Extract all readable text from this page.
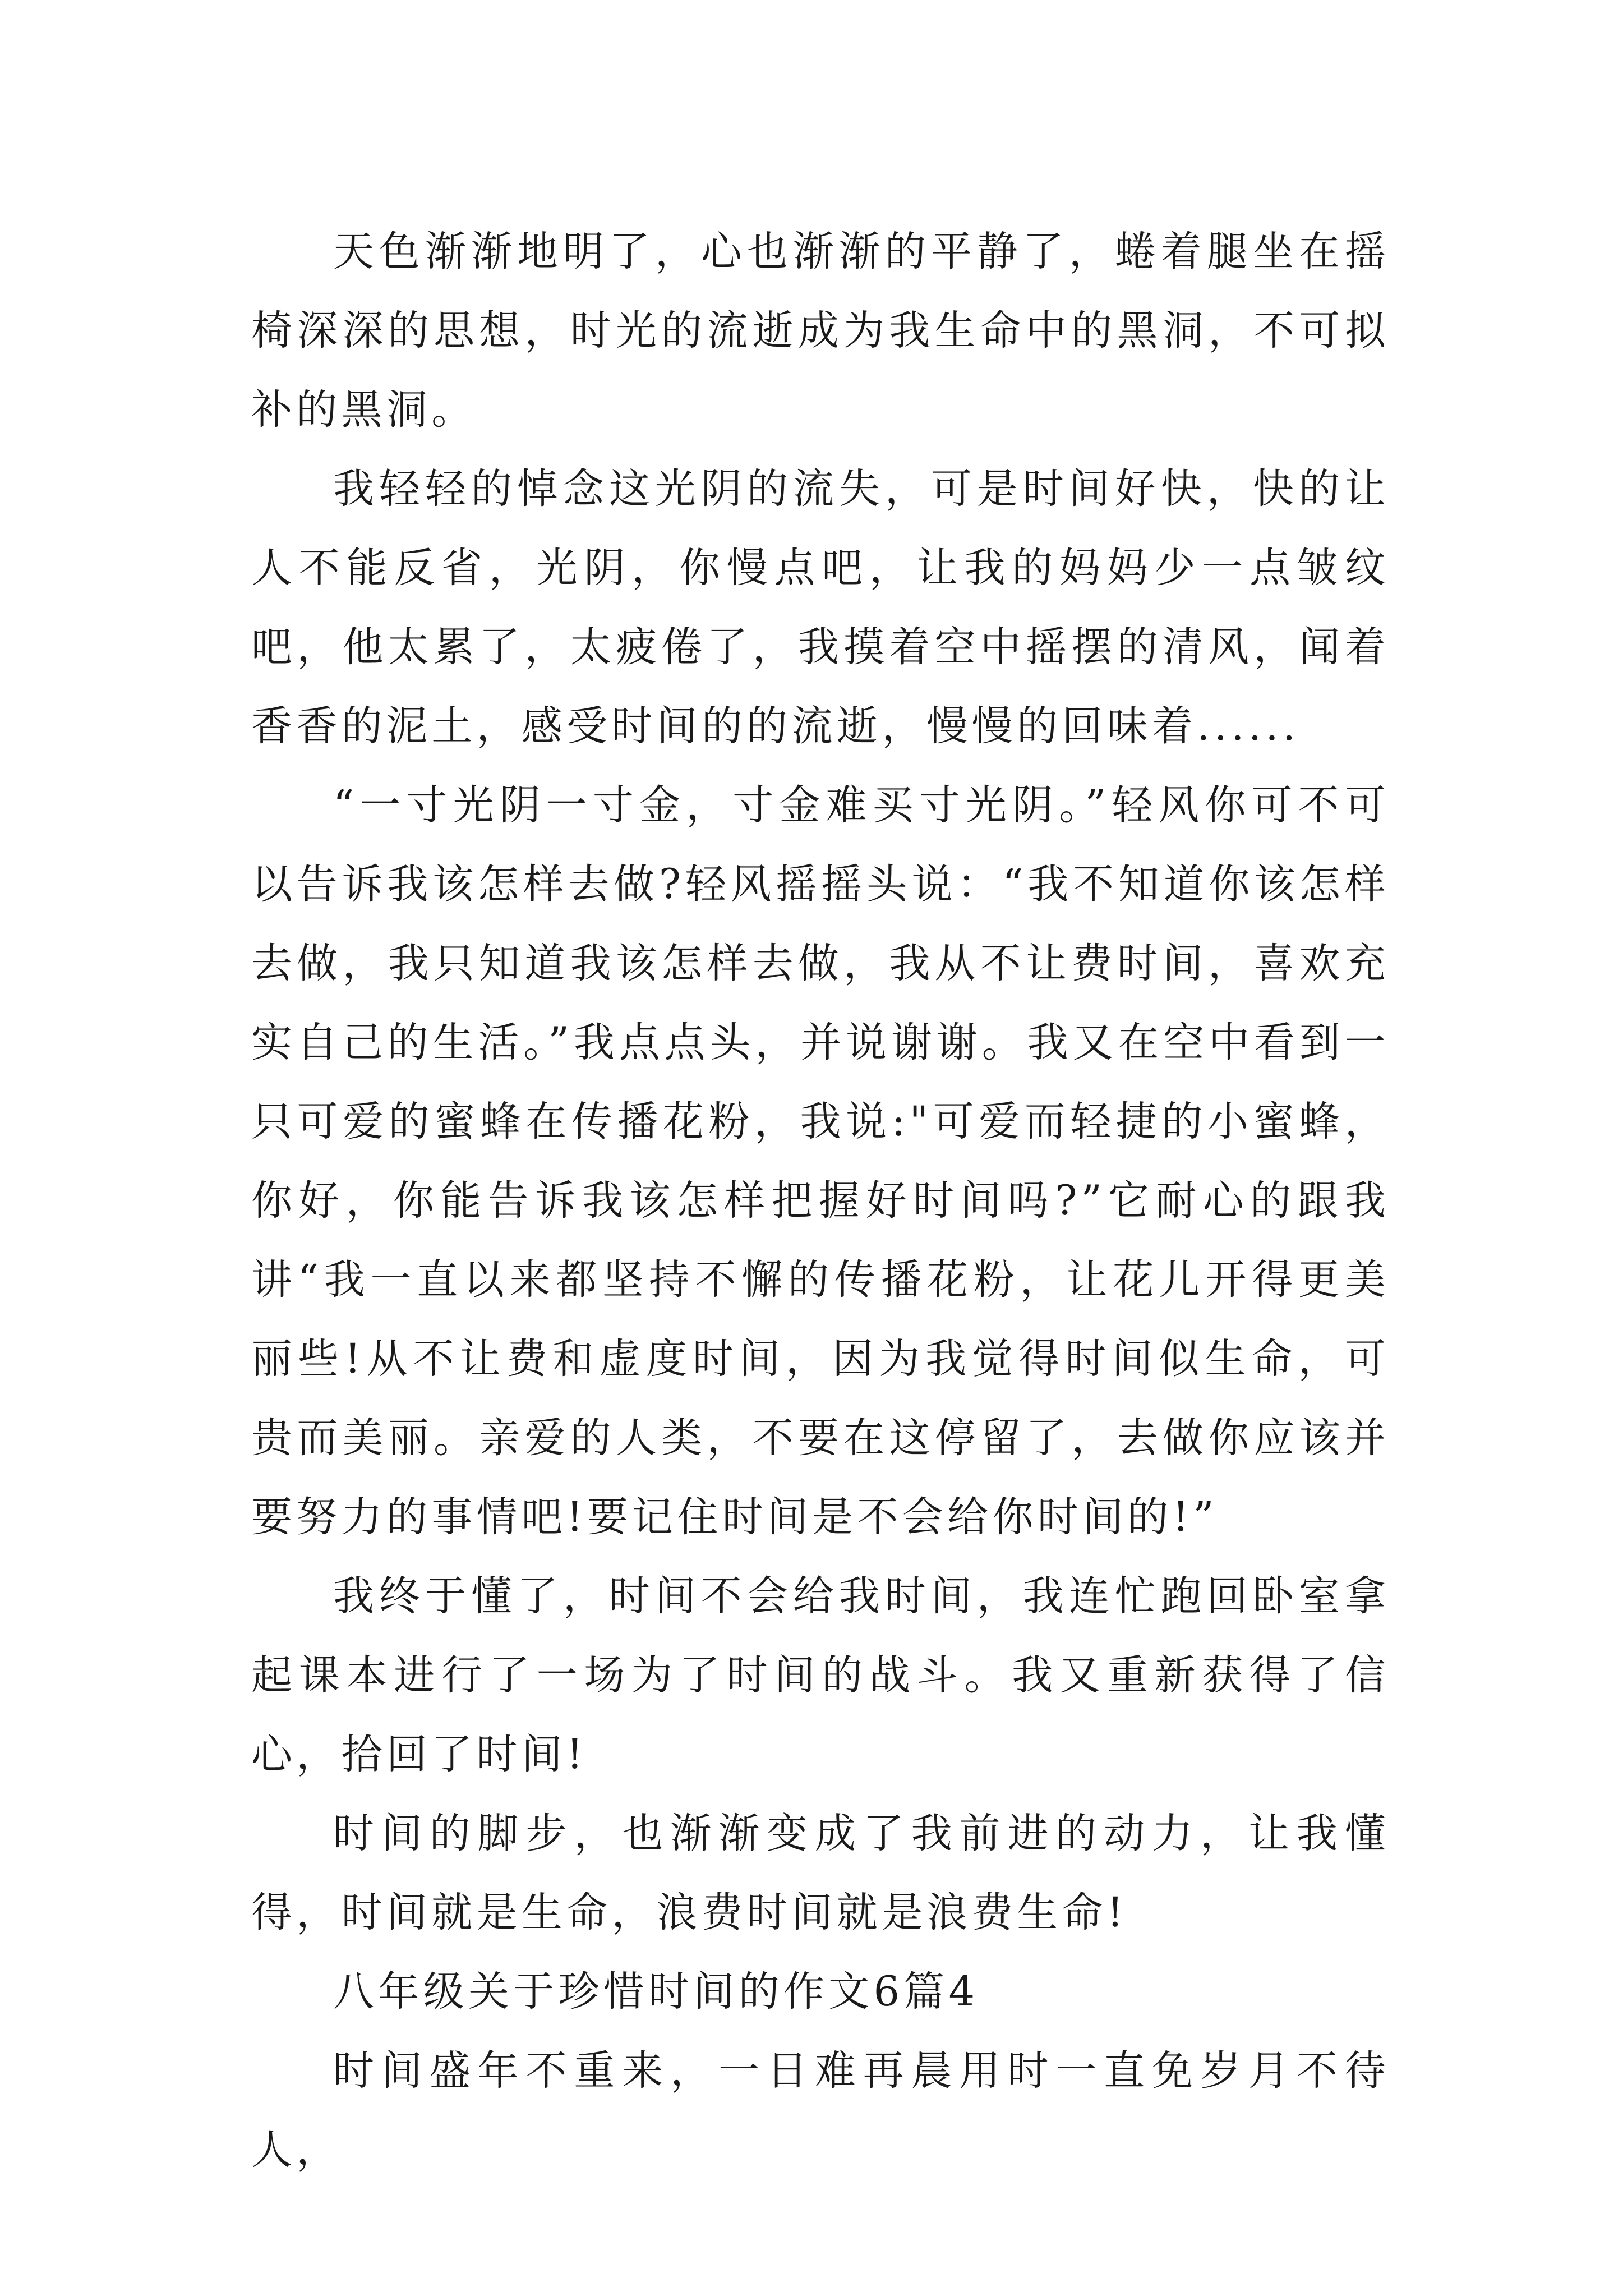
天色渐渐地明了，心也渐渐的平静了，蜷着腿坐在摇椅深深的思想，时光的流逝成为我生命中的黑洞，不可拟补的黑洞。

我轻轻的悼念这光阴的流失，可是时间好快，快的让人不能反省，光阴，你慢点吧，让我的妈妈少一点皱纹吧，他太累了，太疲倦了，我摸着空中摇摆的清风，闻着香香的泥土，感受时间的的流逝，慢慢的回味着......

“一寸光阴一寸金，寸金难买寸光阴。”轻风你可不可以告诉我该怎样去做?轻风摇摇头说：“我不知道你该怎样去做，我只知道我该怎样去做，我从不让费时间，喜欢充实自己的生活。”我点点头，并说谢谢。我又在空中看到一只可爱的蜜蜂在传播花粉，我说:"可爱而轻捷的小蜜蜂，你好，你能告诉我该怎样把握好时间吗?”它耐心的跟我讲“我一直以来都坚持不懈的传播花粉，让花儿开得更美丽些!从不让费和虚度时间，因为我觉得时间似生命，可贵而美丽。亲爱的人类，不要在这停留了，去做你应该并要努力的事情吧!要记住时间是不会给你时间的!”

我终于懂了，时间不会给我时间，我连忙跑回卧室拿起课本进行了一场为了时间的战斗。我又重新获得了信心，拾回了时间!

时间的脚步，也渐渐变成了我前进的动力，让我懂得，时间就是生命，浪费时间就是浪费生命!

八年级关于珍惜时间的作文6篇4

时间盛年不重来，一日难再晨用时一直免岁月不待人，
